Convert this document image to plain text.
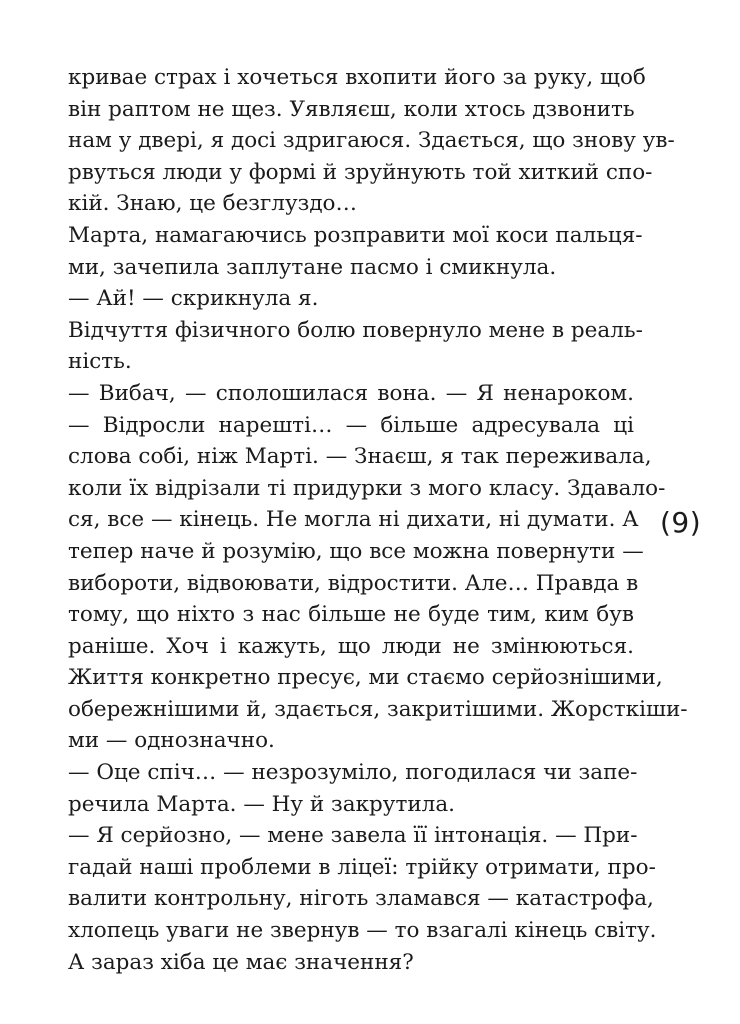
кривае страх і хочеться вхопити його за руку, щоб
він раптом не щез. Уявляєш, коли хтось дзвонить
нам у двері, я досі здригаюся. Здається, що знову ув-
рвуться люди у формі й зруйнують той хиткий спо-
кій. Знаю, це безглуздо…
Марта, намагаючись розправити мої коси пальця-
ми, зачепила заплутане пасмо і смикнула.
— Ай! — скрикнула я.
Відчуття фізичного болю повернуло мене в реаль-
ність.
— Вибач, — сполошилася вона. — Я ненароком.
— Відросли нарешті… — більше адресувала ці
слова собі, ніж Марті. — Знаєш, я так переживала,
коли їх відрізали ті придурки з мого класу. Здавало-
ся, все — кінець. Не могла ні дихати, ні думати. А
тепер наче й розумію, що все можна повернути —
вибороти, відвоювати, відростити. Але… Правда в
тому, що ніхто з нас більше не буде тим, ким був
раніше. Хоч і кажуть, що люди не змінюються.
Життя конкретно пресує, ми стаємо серйознішими,
обережнішими й, здається, закритішими. Жорсткіши-
ми — однозначно.
— Оце спіч… — незрозуміло, погодилася чи запе-
речила Марта. — Ну й закрутила.
— Я серйозно, — мене завела її інтонація. — При-
гадай наші проблеми в ліцеї: трійку отримати, про-
валити контрольну, ніготь зламався — катастрофа,
хлопець уваги не звернув — то взагалі кінець світу.
А зараз хіба це має значення?
(9)
